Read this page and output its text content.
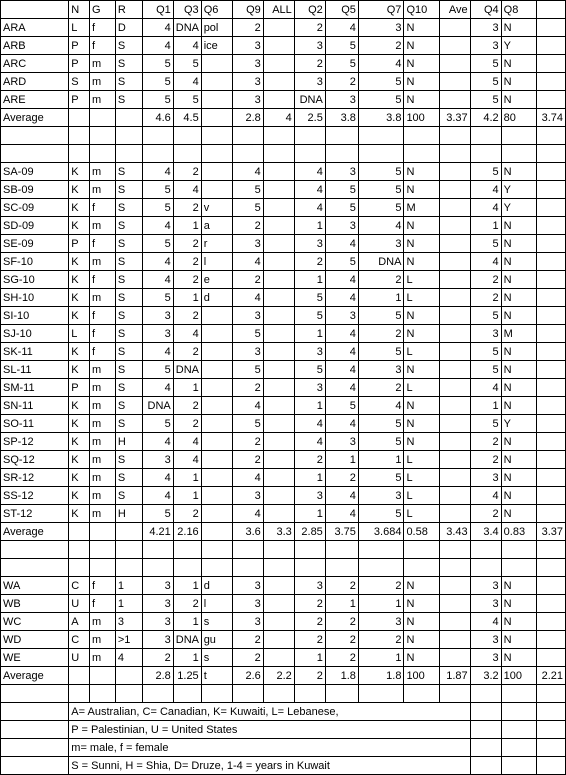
	N	G	R	Q1	Q3	Q6	Q9	ALL	Q2	Q5	Q7	Q10	Ave	Q4	Q8	
ARA	L	f	D	4	DNA	pol	2		2	4	3	N		3	N	
ARB	P	f	S	4	4	ice	3		3	5	2	N		3	Y	
ARC	P	m	S	5	5		3		2	5	4	N		5	N	
ARD	S	m	S	5	4		3		3	2	5	N		5	N	
ARE	P	m	S	5	5		3		DNA	3	5	N		5	N	
Average				4.6	4.5		2.8	4	2.5	3.8	3.8	100	3.37	4.2	80	3.74

SA-09	K	m	S	4	2		4		4	3	5	N		5	N	
SB-09	K	m	S	5	4		5		4	5	5	N		4	Y	
SC-09	K	f	S	5	2	v	5		4	5	5	M		4	Y	
SD-09	K	m	S	4	1	a	2		1	3	4	N		1	N	
SE-09	P	f	S	5	2	r	3		3	4	3	N		5	N	
SF-10	K	m	S	4	2	l	4		2	5	DNA	N		4	N	
SG-10	K	f	S	4	2	e	2		1	4	2	L		2	N	
SH-10	K	m	S	5	1	d	4		5	4	1	L		2	N	
SI-10	K	f	S	3	2		3		5	3	5	N		5	N	
SJ-10	L	f	S	3	4		5		1	4	2	N		3	M	
SK-11	K	f	S	4	2		3		3	4	5	L		5	N	
SL-11	K	m	S	5	DNA		5		5	4	3	N		5	N	
SM-11	P	m	S	4	1		2		3	4	2	L		4	N	
SN-11	K	m	S	DNA	2		4		1	5	4	N		1	N	
SO-11	K	m	S	5	2		5		4	4	5	N		5	Y	
SP-12	K	m	H	4	4		2		4	3	5	N		2	N	
SQ-12	K	m	S	3	4		2		2	1	1	L		2	N	
SR-12	K	m	S	4	1		4		1	2	5	L		3	N	
SS-12	K	m	S	4	1		3		3	4	3	L		4	N	
ST-12	K	m	H	5	2		4		1	4	5	L		2	N	
Average				4.21	2.16		3.6	3.3	2.85	3.75	3.684	0.58	3.43	3.4	0.83	3.37

WA	C	f	1	3	1	d	3		3	2	2	N		3	N	
WB	U	f	1	3	2	l	3		2	1	1	N		3	N	
WC	A	m	3	3	1	s	3		2	2	3	N		4	N	
WD	C	m	>1	3	DNA	gu	2		2	2	2	N		3	N	
WE	U	m	4	2	1	s	2		1	2	1	N		3	N	
Average				2.8	1.25	t	2.6	2.2	2	1.8	1.8	100	1.87	3.2	100	2.21

	A= Australian, C= Canadian, K= Kuwaiti, L= Lebanese,															
	P = Palestinian, U = United States															
	m= male, f = female															
	S = Sunni, H = Shia, D= Druze, 1-4 = years in Kuwait															
